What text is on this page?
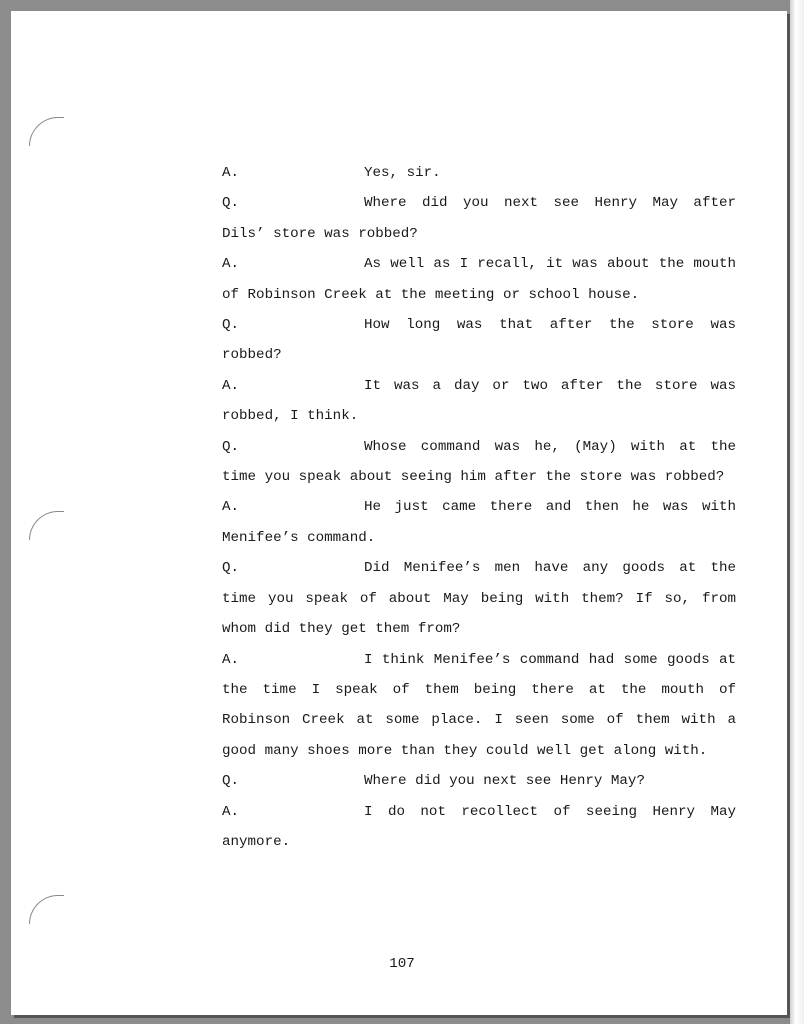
A.	Yes, sir.
Q.	Where did you next see Henry May after Dils’ store was robbed?
A.	As well as I recall, it was about the mouth of Robinson Creek at the meeting or school house.
Q.	How long was that after the store was robbed?
A.	It was a day or two after the store was robbed, I think.
Q.	Whose command was he, (May) with at the time you speak about seeing him after the store was robbed?
A.	He just came there and then he was with Menifee’s command.
Q.	Did Menifee’s men have any goods at the time you speak of about May being with them? If so, from whom did they get them from?
A.	I think Menifee’s command had some goods at the time I speak of them being there at the mouth of Robinson Creek at some place. I seen some of them with a good many shoes more than they could well get along with.
Q.	Where did you next see Henry May?
A.	I do not recollect of seeing Henry May anymore.
107
